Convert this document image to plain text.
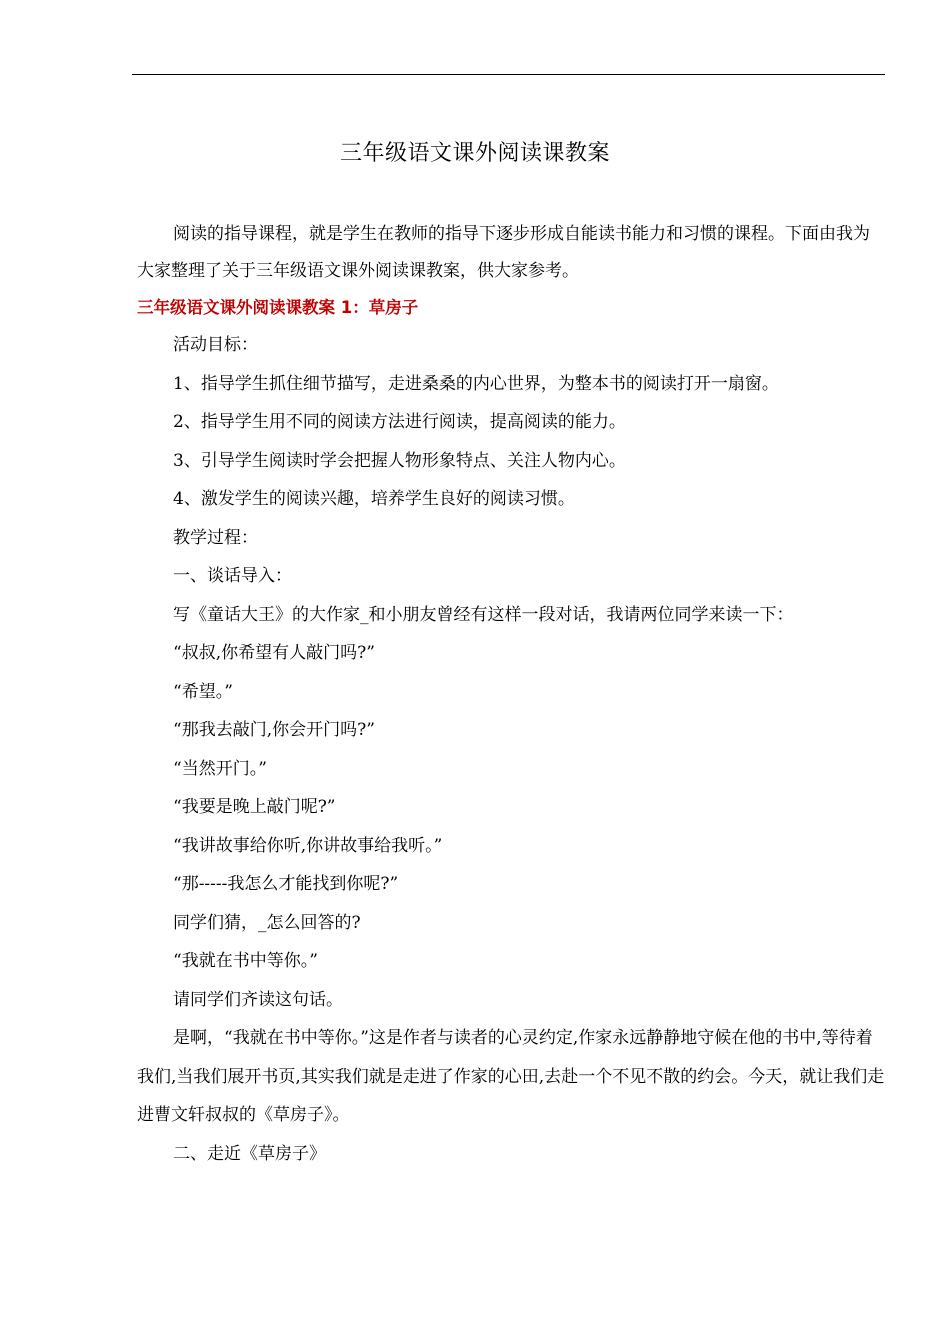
三年级语文课外阅读课教案

阅读的指导课程，就是学生在教师的指导下逐步形成自能读书能力和习惯的课程。下面由我为大家整理了关于三年级语文课外阅读课教案，供大家参考。

三年级语文课外阅读课教案 1：草房子

活动目标：

1、指导学生抓住细节描写，走进桑桑的内心世界，为整本书的阅读打开一扇窗。

2、指导学生用不同的阅读方法进行阅读，提高阅读的能力。

3、引导学生阅读时学会把握人物形象特点、关注人物内心。

4、激发学生的阅读兴趣，培养学生良好的阅读习惯。

教学过程：

一、谈话导入：

写《童话大王》的大作家_和小朋友曾经有这样一段对话，我请两位同学来读一下：

“叔叔,你希望有人敲门吗?”

“希望。”

“那我去敲门,你会开门吗?”

“当然开门。”

“我要是晚上敲门呢?”

“我讲故事给你听,你讲故事给我听。”

“那-----我怎么才能找到你呢?”

同学们猜，_怎么回答的?

“我就在书中等你。”

请同学们齐读这句话。

是啊，“我就在书中等你。”这是作者与读者的心灵约定,作家永远静静地守候在他的书中,等待着我们,当我们展开书页,其实我们就是走进了作家的心田,去赴一个不见不散的约会。今天，就让我们走进曹文轩叔叔的《草房子》。

二、走近《草房子》
